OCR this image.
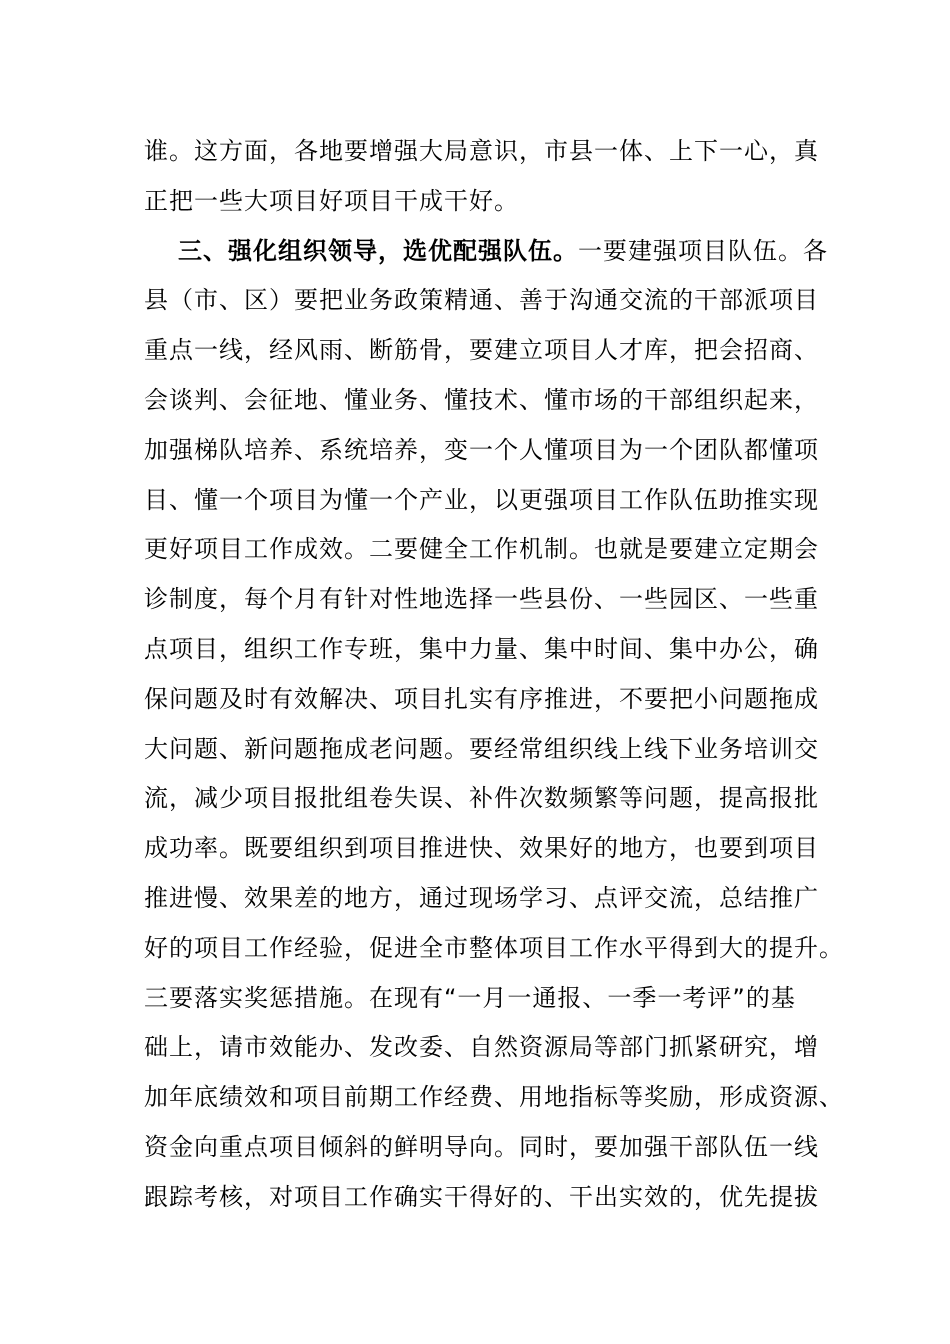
谁。这方面，各地要增强大局意识，市县一体、上下一心，真
正把一些大项目好项目干成干好。
三、强化组织领导，选优配强队伍。一要建强项目队伍。各
县（市、区）要把业务政策精通、善于沟通交流的干部派项目
重点一线，经风雨、断筋骨，要建立项目人才库，把会招商、
会谈判、会征地、懂业务、懂技术、懂市场的干部组织起来，
加强梯队培养、系统培养，变一个人懂项目为一个团队都懂项
目、懂一个项目为懂一个产业，以更强项目工作队伍助推实现
更好项目工作成效。二要健全工作机制。也就是要建立定期会
诊制度，每个月有针对性地选择一些县份、一些园区、一些重
点项目，组织工作专班，集中力量、集中时间、集中办公，确
保问题及时有效解决、项目扎实有序推进，不要把小问题拖成
大问题、新问题拖成老问题。要经常组织线上线下业务培训交
流，减少项目报批组卷失误、补件次数频繁等问题，提高报批
成功率。既要组织到项目推进快、效果好的地方，也要到项目
推进慢、效果差的地方，通过现场学习、点评交流，总结推广
好的项目工作经验，促进全市整体项目工作水平得到大的提升。
三要落实奖惩措施。在现有“一月一通报、一季一考评”的基
础上，请市效能办、发改委、自然资源局等部门抓紧研究，增
加年底绩效和项目前期工作经费、用地指标等奖励，形成资源、
资金向重点项目倾斜的鲜明导向。同时，要加强干部队伍一线
跟踪考核，对项目工作确实干得好的、干出实效的，优先提拔
